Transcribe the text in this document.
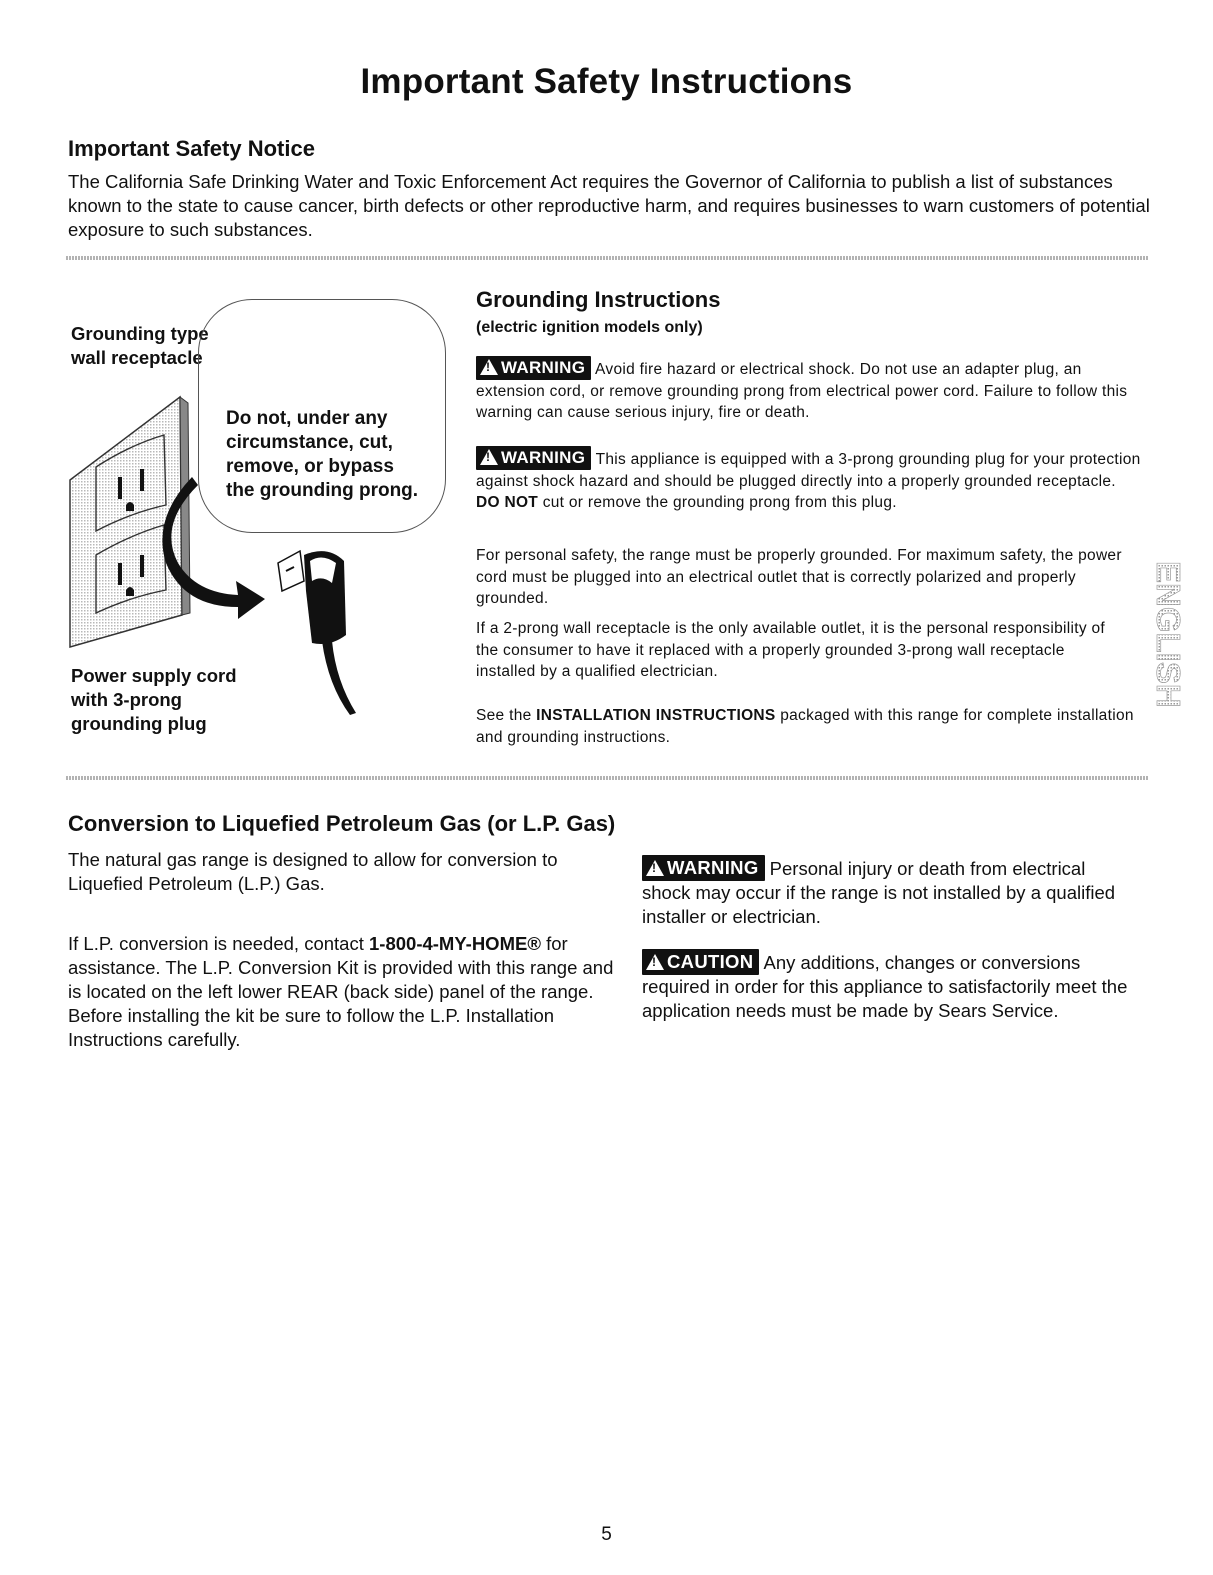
Important Safety Instructions
Important Safety Notice
The California Safe Drinking Water and Toxic Enforcement Act requires the Governor of California to publish a list of substances known to the state to cause cancer, birth defects or other reproductive harm, and requires businesses to warn customers of potential exposure to such substances.
Grounding type
wall receptacle
Do not, under any
circumstance, cut,
remove, or bypass
the grounding prong.
Power supply cord
with 3-prong
grounding plug
Grounding Instructions
(electric ignition models only)
!WARNING Avoid fire hazard or electrical shock. Do not use an adapter plug, an extension cord, or remove grounding prong from electrical power cord. Failure to follow this warning can cause serious injury, fire or death.
!WARNING This appliance is equipped with a 3-prong grounding plug for your protection against shock hazard and should be plugged directly into a properly grounded receptacle. DO NOT cut or remove the grounding prong from this plug.
For personal safety, the range must be properly grounded. For maximum safety, the power cord must be plugged into an electrical outlet that is correctly polarized and properly grounded.
If a 2-prong wall receptacle is the only available outlet, it is the personal responsibility of the consumer to have it replaced with a properly grounded 3-prong wall receptacle installed by a qualified electrician.
See the INSTALLATION INSTRUCTIONS packaged with this range for complete installation and grounding instructions.
ENGLISH
Conversion to Liquefied Petroleum Gas (or L.P. Gas)
The natural gas range is designed to allow for conversion to Liquefied Petroleum (L.P.) Gas.
If L.P. conversion is needed, contact 1-800-4-MY-HOME® for assistance. The L.P. Conversion Kit is provided with this range and is located on the left lower REAR (back side) panel of the range. Before installing the kit be sure to follow the L.P. Installation Instructions carefully.
!WARNING Personal injury or death from electrical shock may occur if the range is not installed by a qualified installer or electrician.
!CAUTION Any additions, changes or conversions required in order for this appliance to satisfactorily meet the application needs must be made by Sears Service.
5
